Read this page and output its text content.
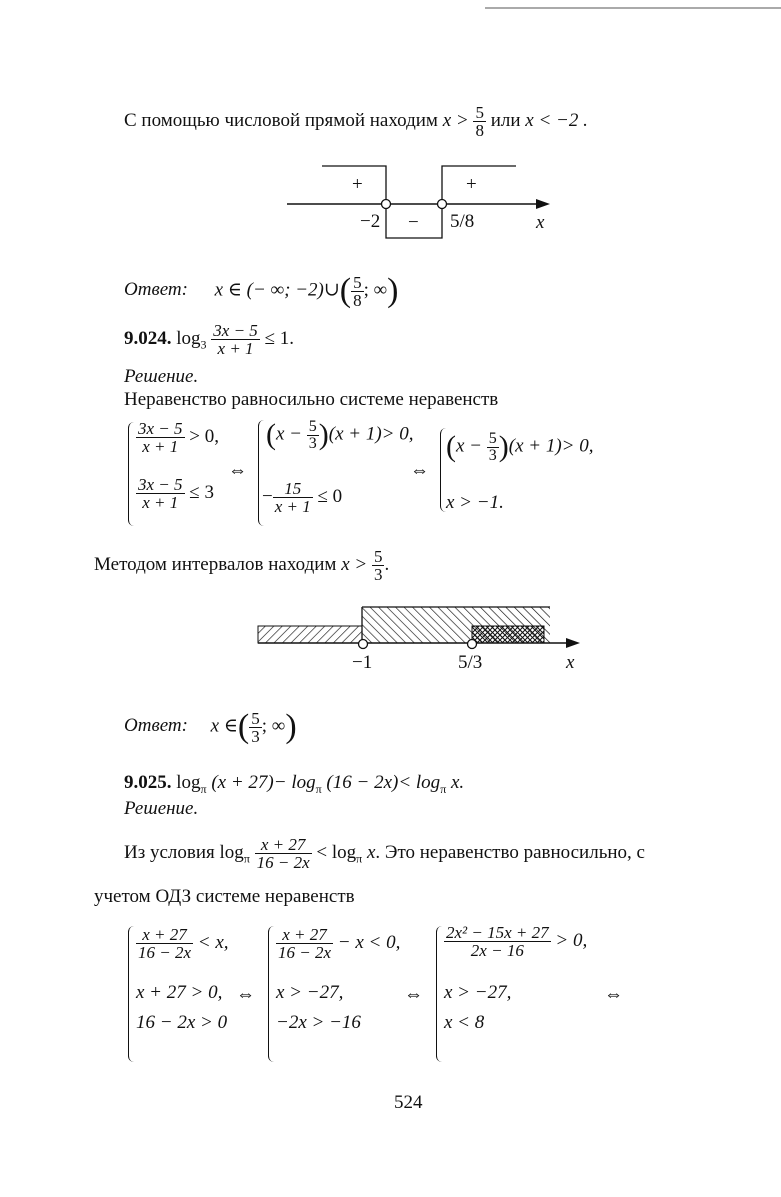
С помощью числовой прямой находим $x > \frac{5}{8}$ или x < −2 .
+	+
−
−2	5/8	x
Ответ: x ∈ (− ∞; −2)∪( $\frac{5}{8}$ ; ∞)
9.024. $\log_3 \frac{3x - 5}{x + 1} \le 1$.
Решение.
Неравенство равносильно системе неравенств
$\frac{3x - 5}{x + 1} > 0$,
$\frac{3x - 5}{x + 1} \le 3$
⇔
$(x - \frac{5}{3} )(x + 1)> 0$,
− $\frac{15}{x + 1} \le 0$
⇔
$(x - \frac{5}{3} )(x + 1)> 0$,
x > −1.
Методом интервалов находим $x > \frac{5}{3}$ .
−1	5/3	x
Ответ: x ∈( $\frac{5}{3}$ ; ∞)
9.025. $\log_\pi (x + 27)- \log_\pi (16 - 2x)< \log_\pi x$.
Решение.
Из условия $\log_\pi \frac{x + 27}{16 - 2x} < \log_\pi x$. Это неравенство равносильно, с
учетом ОДЗ системе неравенств
$\frac{x + 27}{16 - 2x} < x$,
x + 27 > 0,
16 − 2x > 0
⇔
$\frac{x + 27}{16 - 2x} - x < 0$,
x > −27,
−2x > −16
⇔
$\frac{\text{2x² − 15x + 27}}{2x - 16} > 0$,
x > −27,
x < 8
⇔
524
